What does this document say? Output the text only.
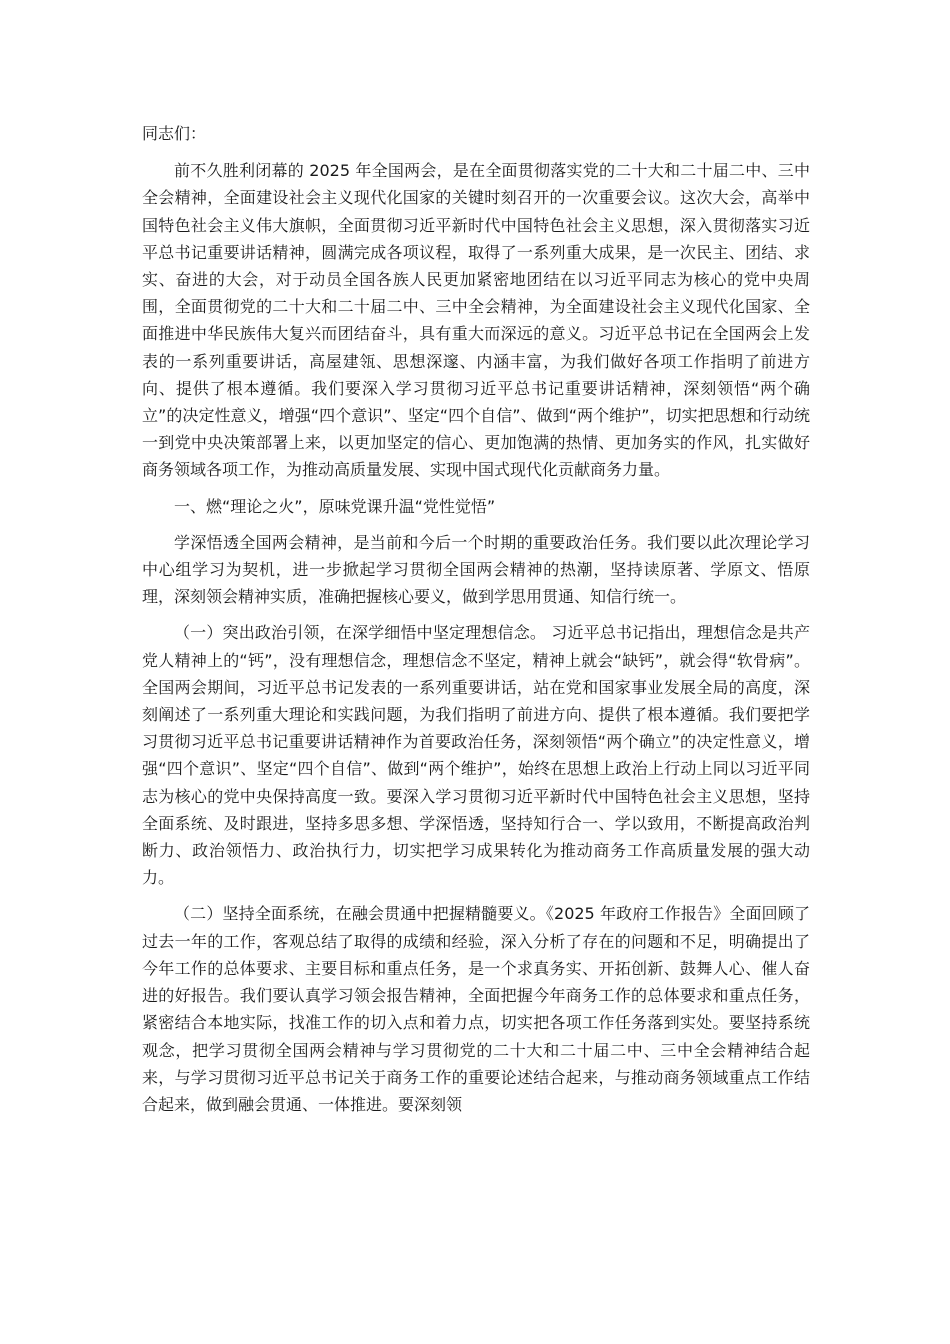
同志们：

前不久胜利闭幕的 2025 年全国两会，是在全面贯彻落实党的二十大和二十届二中、三中全会精神，全面建设社会主义现代化国家的关键时刻召开的一次重要会议。这次大会，高举中国特色社会主义伟大旗帜，全面贯彻习近平新时代中国特色社会主义思想，深入贯彻落实习近平总书记重要讲话精神，圆满完成各项议程，取得了一系列重大成果，是一次民主、团结、求实、奋进的大会，对于动员全国各族人民更加紧密地团结在以习近平同志为核心的党中央周围，全面贯彻党的二十大和二十届二中、三中全会精神，为全面建设社会主义现代化国家、全面推进中华民族伟大复兴而团结奋斗，具有重大而深远的意义。习近平总书记在全国两会上发表的一系列重要讲话，高屋建瓴、思想深邃、内涵丰富，为我们做好各项工作指明了前进方向、提供了根本遵循。我们要深入学习贯彻习近平总书记重要讲话精神，深刻领悟“两个确立”的决定性意义，增强“四个意识”、坚定“四个自信”、做到“两个维护”，切实把思想和行动统一到党中央决策部署上来，以更加坚定的信心、更加饱满的热情、更加务实的作风，扎实做好商务领域各项工作，为推动高质量发展、实现中国式现代化贡献商务力量。

一、燃“理论之火”，原味党课升温“党性觉悟”

学深悟透全国两会精神，是当前和今后一个时期的重要政治任务。我们要以此次理论学习中心组学习为契机，进一步掀起学习贯彻全国两会精神的热潮，坚持读原著、学原文、悟原理，深刻领会精神实质，准确把握核心要义，做到学思用贯通、知信行统一。

（一）突出政治引领，在深学细悟中坚定理想信念。 习近平总书记指出，理想信念是共产党人精神上的“钙”，没有理想信念，理想信念不坚定，精神上就会“缺钙”，就会得“软骨病”。全国两会期间，习近平总书记发表的一系列重要讲话，站在党和国家事业发展全局的高度，深刻阐述了一系列重大理论和实践问题，为我们指明了前进方向、提供了根本遵循。我们要把学习贯彻习近平总书记重要讲话精神作为首要政治任务，深刻领悟“两个确立”的决定性意义，增强“四个意识”、坚定“四个自信”、做到“两个维护”，始终在思想上政治上行动上同以习近平同志为核心的党中央保持高度一致。要深入学习贯彻习近平新时代中国特色社会主义思想，坚持全面系统、及时跟进，坚持多思多想、学深悟透，坚持知行合一、学以致用，不断提高政治判断力、政治领悟力、政治执行力，切实把学习成果转化为推动商务工作高质量发展的强大动力。

（二）坚持全面系统，在融会贯通中把握精髓要义。《2025 年政府工作报告》全面回顾了过去一年的工作，客观总结了取得的成绩和经验，深入分析了存在的问题和不足，明确提出了今年工作的总体要求、主要目标和重点任务，是一个求真务实、开拓创新、鼓舞人心、催人奋进的好报告。我们要认真学习领会报告精神，全面把握今年商务工作的总体要求和重点任务，紧密结合本地实际，找准工作的切入点和着力点，切实把各项工作任务落到实处。要坚持系统观念，把学习贯彻全国两会精神与学习贯彻党的二十大和二十届二中、三中全会精神结合起来，与学习贯彻习近平总书记关于商务工作的重要论述结合起来，与推动商务领域重点工作结合起来，做到融会贯通、一体推进。要深刻领
